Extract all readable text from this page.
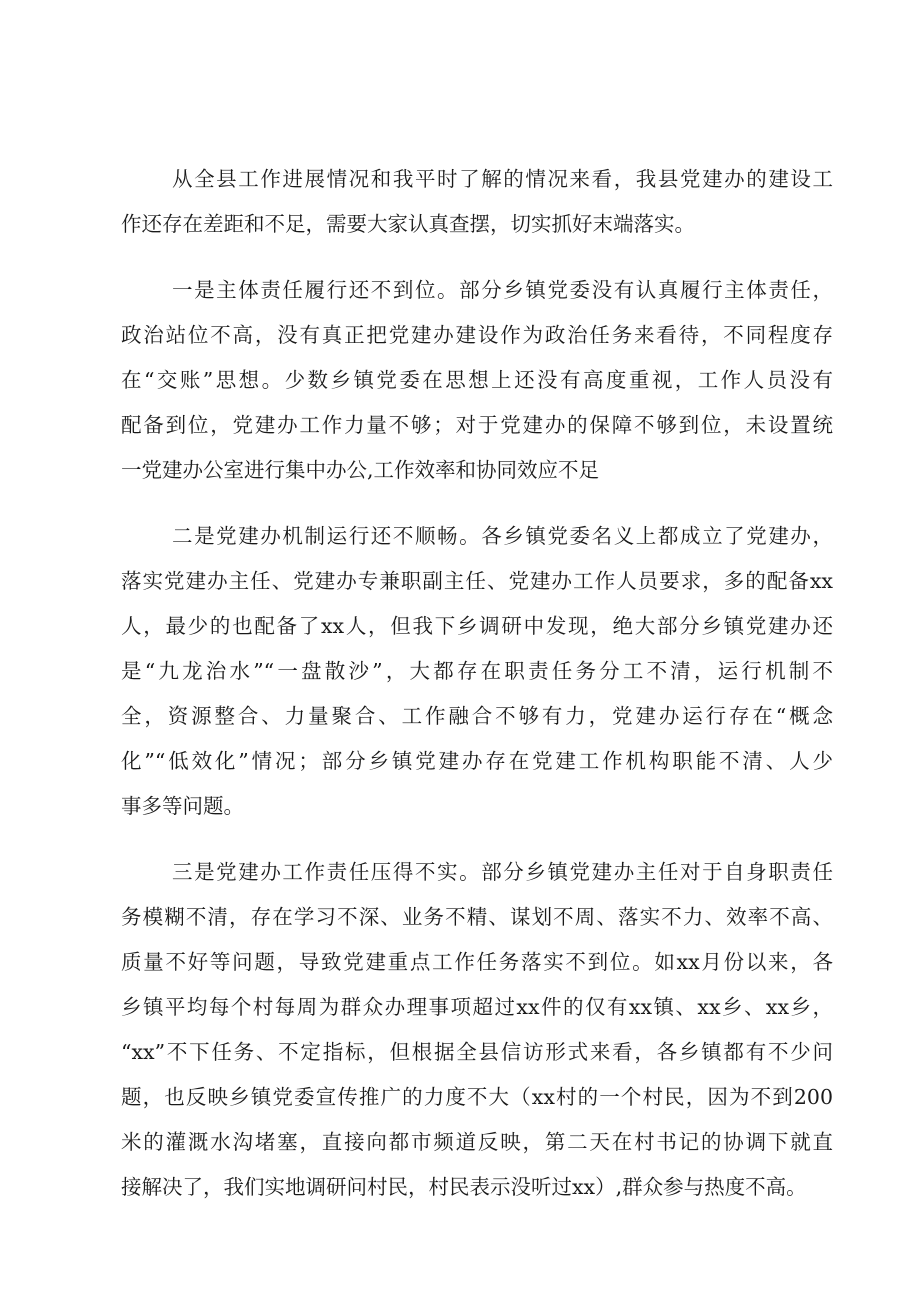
从全县工作进展情况和我平时了解的情况来看，我县党建办的建设工
作还存在差距和不足，需要大家认真查摆，切实抓好末端落实。
一是主体责任履行还不到位。部分乡镇党委没有认真履行主体责任，
政治站位不高，没有真正把党建办建设作为政治任务来看待，不同程度存
在“交账”思想。少数乡镇党委在思想上还没有高度重视，工作人员没有
配备到位，党建办工作力量不够；对于党建办的保障不够到位，未设置统
一党建办公室进行集中办公,工作效率和协同效应不足
二是党建办机制运行还不顺畅。各乡镇党委名义上都成立了党建办，
落实党建办主任、党建办专兼职副主任、党建办工作人员要求，多的配备xx
人，最少的也配备了xx人，但我下乡调研中发现，绝大部分乡镇党建办还
是“九龙治水”“一盘散沙”，大都存在职责任务分工不清，运行机制不
全，资源整合、力量聚合、工作融合不够有力，党建办运行存在“概念
化”“低效化”情况；部分乡镇党建办存在党建工作机构职能不清、人少
事多等问题。
三是党建办工作责任压得不实。部分乡镇党建办主任对于自身职责任
务模糊不清，存在学习不深、业务不精、谋划不周、落实不力、效率不高、
质量不好等问题，导致党建重点工作任务落实不到位。如xx月份以来，各
乡镇平均每个村每周为群众办理事项超过xx件的仅有xx镇、xx乡、xx乡，
“xx”不下任务、不定指标，但根据全县信访形式来看，各乡镇都有不少问
题，也反映乡镇党委宣传推广的力度不大（xx村的一个村民，因为不到200
米的灌溉水沟堵塞，直接向都市频道反映，第二天在村书记的协调下就直
接解决了，我们实地调研问村民，村民表示没听过xx）,群众参与热度不高。
